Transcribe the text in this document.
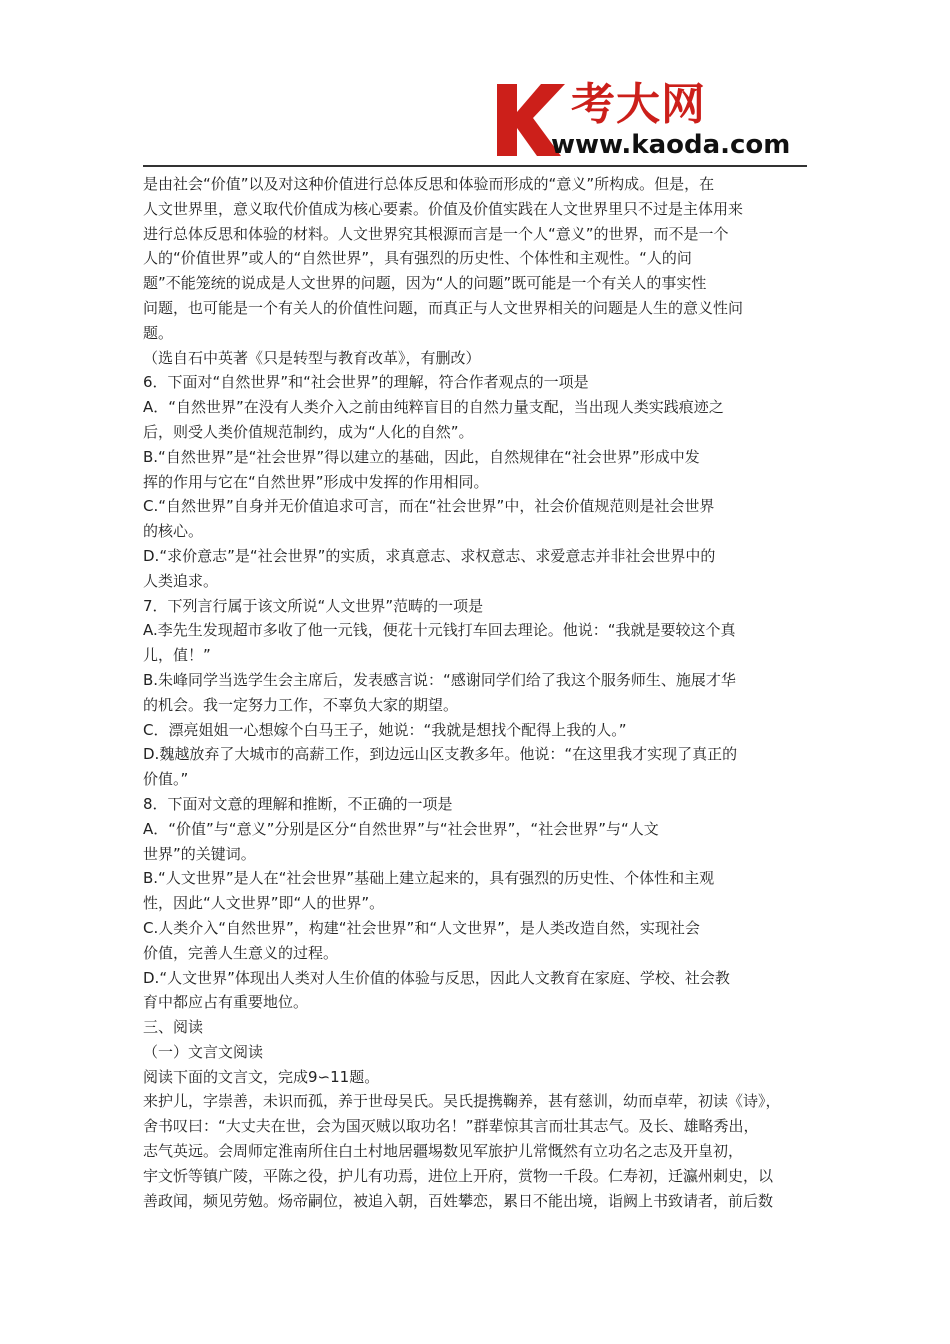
考大网
www.kaoda.com
是由社会“价值”以及对这种价值进行总体反思和体验而形成的“意义”所构成。但是，在
人文世界里，意义取代价值成为核心要素。价值及价值实践在人文世界里只不过是主体用来
进行总体反思和体验的材料。人文世界究其根源而言是一个人“意义”的世界，而不是一个
人的“价值世界”或人的“自然世界”，具有强烈的历史性、个体性和主观性。“人的问
题”不能笼统的说成是人文世界的问题，因为“人的问题”既可能是一个有关人的事实性
问题，也可能是一个有关人的价值性问题，而真正与人文世界相关的问题是人生的意义性问
题。
（选自石中英著《只是转型与教育改革》，有删改）
6．下面对“自然世界”和“社会世界”的理解，符合作者观点的一项是
A．“自然世界”在没有人类介入之前由纯粹盲目的自然力量支配，当出现人类实践痕迹之
后，则受人类价值规范制约，成为“人化的自然”。
B.“自然世界”是“社会世界”得以建立的基础，因此，自然规律在“社会世界”形成中发
挥的作用与它在“自然世界”形成中发挥的作用相同。
C.“自然世界”自身并无价值追求可言，而在“社会世界”中，社会价值规范则是社会世界
的核心。
D.“求价意志”是“社会世界”的实质，求真意志、求权意志、求爱意志并非社会世界中的
人类追求。
7．下列言行属于该文所说“人文世界”范畴的一项是
A.李先生发现超市多收了他一元钱，便花十元钱打车回去理论。他说：“我就是要较这个真
儿，值！”
B.朱峰同学当选学生会主席后，发表感言说：“感谢同学们给了我这个服务师生、施展才华
的机会。我一定努力工作，不辜负大家的期望。
C．漂亮姐姐一心想嫁个白马王子，她说：“我就是想找个配得上我的人。”
D.魏越放弃了大城市的高薪工作，到边远山区支教多年。他说：“在这里我才实现了真正的
价值。”
8．下面对文意的理解和推断，不正确的一项是
A．“价值”与“意义”分别是区分“自然世界”与“社会世界”，“社会世界”与“人文
世界”的关键词。
B.“人文世界”是人在“社会世界”基础上建立起来的，具有强烈的历史性、个体性和主观
性，因此“人文世界”即“人的世界”。
C.人类介入“自然世界”，构建“社会世界”和“人文世界”，是人类改造自然，实现社会
价值，完善人生意义的过程。
D.“人文世界”体现出人类对人生价值的体验与反思，因此人文教育在家庭、学校、社会教
育中都应占有重要地位。
三、阅读
（一）文言文阅读
阅读下面的文言文，完成9∽11题。
来护儿，字崇善，未识而孤，养于世母吴氏。吴氏提携鞠养，甚有慈训，幼而卓荦，初读《诗》，
舍书叹曰：“大丈夫在世，会为国灭贼以取功名！”群辈惊其言而壮其志气。及长、雄略秀出，
志气英远。会周师定淮南所住白土村地居疆埸数见军旅护儿常慨然有立功名之志及开皇初，
宇文忻等镇广陵，平陈之役，护儿有功焉，进位上开府，赏物一千段。仁寿初，迁瀛州刺史，以
善政闻，频见劳勉。炀帝嗣位，被追入朝，百姓攀恋，累日不能出境，诣阙上书致请者，前后数
